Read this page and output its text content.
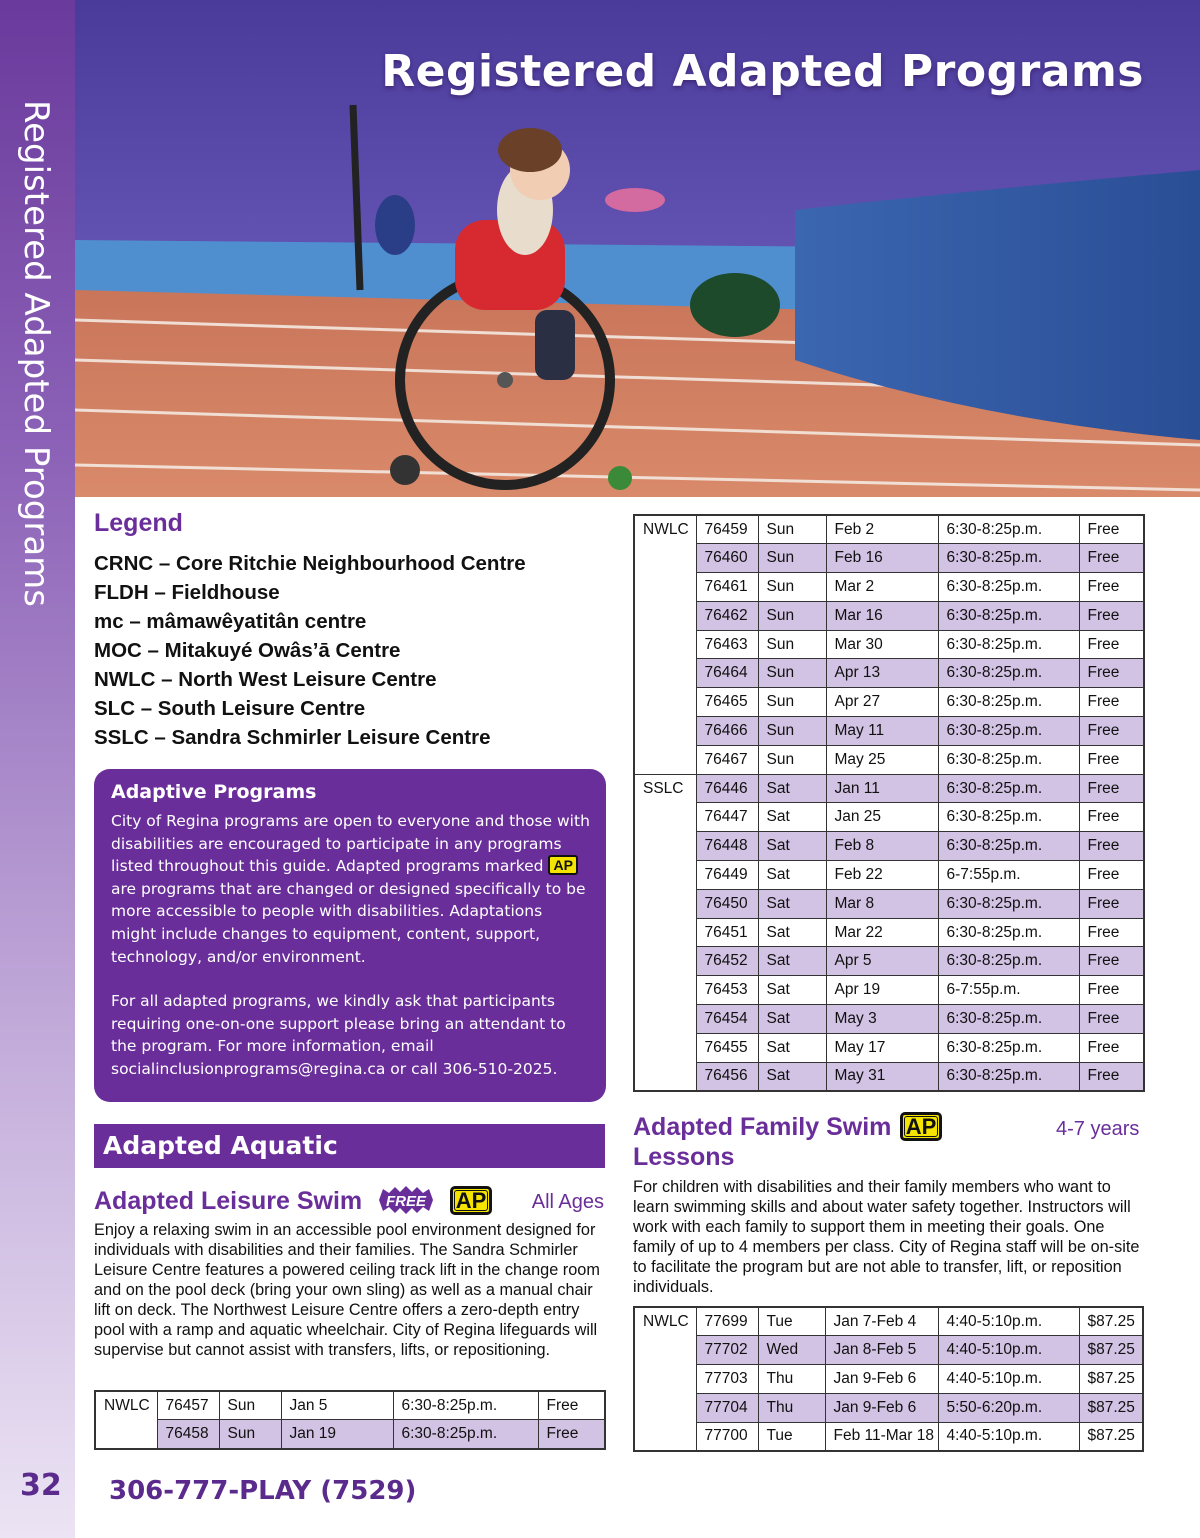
Registered Adapted Programs
32
Registered Adapted Programs
Legend
CRNC – Core Ritchie Neighbourhood Centre
FLDH – Fieldhouse
mc – mâmawêyatitân centre
MOC – Mitakuyé Owâs’ā Centre
NWLC – North West Leisure Centre
SLC – South Leisure Centre
SSLC – Sandra Schmirler Leisure Centre
Adaptive Programs

City of Regina programs are open to everyone and those with disabilities are encouraged to participate in any programs listed throughout this guide. Adapted programs marked AP are programs that are changed or designed specifically to be more accessible to people with disabilities. Adaptations might include changes to equipment, content, support, technology, and/or environment.

For all adapted programs, we kindly ask that participants requiring one-on-one support please bring an attendant to the program. For more information, email socialinclusionprograms@regina.ca or call 306-510-2025.

Adapted Aquatic
Adapted Leisure Swim FREE AP All Ages

Enjoy a relaxing swim in an accessible pool environment designed for individuals with disabilities and their families. The Sandra Schmirler Leisure Centre features a powered ceiling track lift in the change room and on the pool deck (bring your own sling) as well as a manual chair lift on deck. The Northwest Leisure Centre offers a zero-depth entry pool with a ramp and aquatic wheelchair. City of Regina lifeguards will supervise but cannot assist with transfers, lifts, or repositioning.

NWLC	76457	Sun	Jan 5	6:30-8:25p.m.	Free
	76458	Sun	Jan 19	6:30-8:25p.m.	Free
NWLC	76459	Sun	Feb 2	6:30-8:25p.m.	Free
	76460	Sun	Feb 16	6:30-8:25p.m.	Free
	76461	Sun	Mar 2	6:30-8:25p.m.	Free
	76462	Sun	Mar 16	6:30-8:25p.m.	Free
	76463	Sun	Mar 30	6:30-8:25p.m.	Free
	76464	Sun	Apr 13	6:30-8:25p.m.	Free
	76465	Sun	Apr 27	6:30-8:25p.m.	Free
	76466	Sun	May 11	6:30-8:25p.m.	Free
	76467	Sun	May 25	6:30-8:25p.m.	Free
SSLC	76446	Sat	Jan 11	6:30-8:25p.m.	Free
	76447	Sat	Jan 25	6:30-8:25p.m.	Free
	76448	Sat	Feb 8	6:30-8:25p.m.	Free
	76449	Sat	Feb 22	6-7:55p.m.	Free
	76450	Sat	Mar 8	6:30-8:25p.m.	Free
	76451	Sat	Mar 22	6:30-8:25p.m.	Free
	76452	Sat	Apr 5	6:30-8:25p.m.	Free
	76453	Sat	Apr 19	6-7:55p.m.	Free
	76454	Sat	May 3	6:30-8:25p.m.	Free
	76455	Sat	May 17	6:30-8:25p.m.	Free
	76456	Sat	May 31	6:30-8:25p.m.	Free
Adapted Family Swim
Lessons
AP	4-7 years

For children with disabilities and their family members who want to learn swimming skills and about water safety together. Instructors will work with each family to support them in meeting their goals. One family of up to 4 members per class. City of Regina staff will be on-site to facilitate the program but are not able to transfer, lift, or reposition individuals.

NWLC	77699	Tue	Jan 7-Feb 4	4:40-5:10p.m.	$87.25
	77702	Wed	Jan 8-Feb 5	4:40-5:10p.m.	$87.25
	77703	Thu	Jan 9-Feb 6	4:40-5:10p.m.	$87.25
	77704	Thu	Jan 9-Feb 6	5:50-6:20p.m.	$87.25
	77700	Tue	Feb 11-Mar 18	4:40-5:10p.m.	$87.25
306-777-PLAY (7529)
